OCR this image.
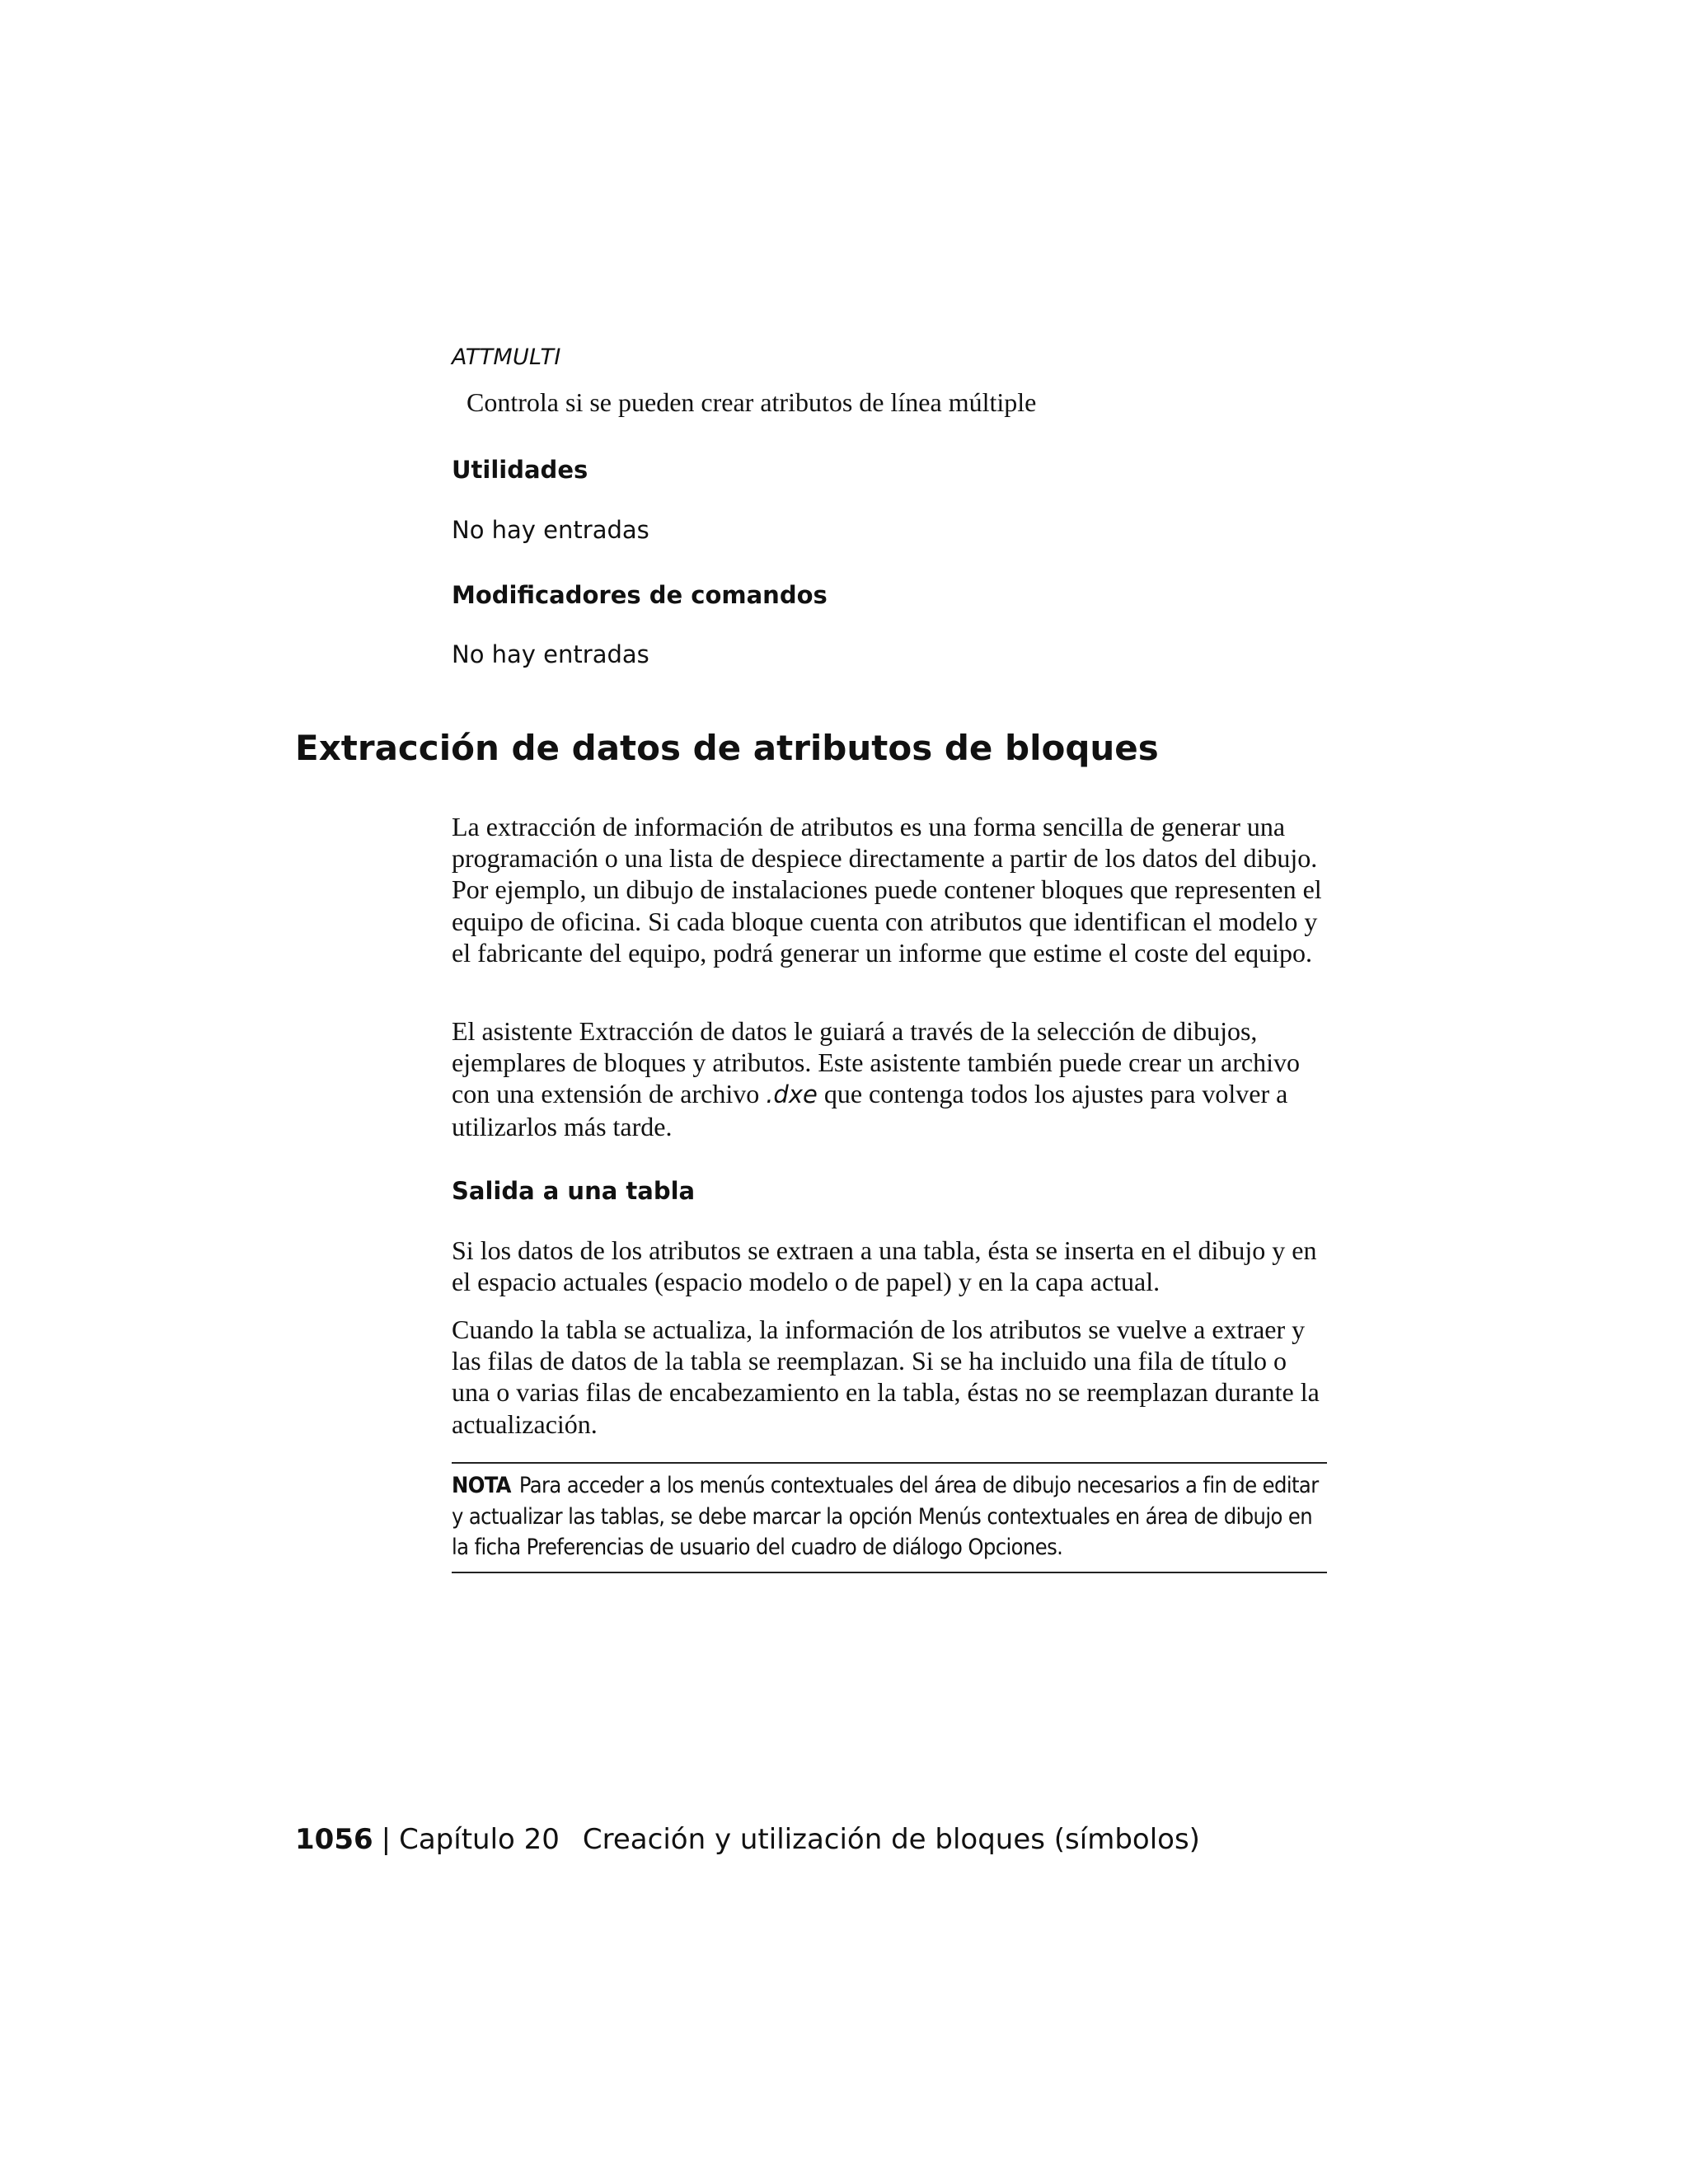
ATTMULTI

Controla si se pueden crear atributos de línea múltiple

Utilidades

No hay entradas

Modificadores de comandos

No hay entradas

Extracción de datos de atributos de bloques

La extracción de información de atributos es una forma sencilla de generar una programación o una lista de despiece directamente a partir de los datos del dibujo. Por ejemplo, un dibujo de instalaciones puede contener bloques que representen el equipo de oficina. Si cada bloque cuenta con atributos que identifican el modelo y el fabricante del equipo, podrá generar un informe que estime el coste del equipo.

El asistente Extracción de datos le guiará a través de la selección de dibujos, ejemplares de bloques y atributos. Este asistente también puede crear un archivo con una extensión de archivo .dxe que contenga todos los ajustes para volver a utilizarlos más tarde.

Salida a una tabla

Si los datos de los atributos se extraen a una tabla, ésta se inserta en el dibujo y en el espacio actuales (espacio modelo o de papel) y en la capa actual.

Cuando la tabla se actualiza, la información de los atributos se vuelve a extraer y las filas de datos de la tabla se reemplazan. Si se ha incluido una fila de título o una o varias filas de encabezamiento en la tabla, éstas no se reemplazan durante la actualización.

NOTA Para acceder a los menús contextuales del área de dibujo necesarios a fin de editar y actualizar las tablas, se debe marcar la opción Menús contextuales en área de dibujo en la ficha Preferencias de usuario del cuadro de diálogo Opciones.

1056 | Capítulo 20 Creación y utilización de bloques (símbolos)
